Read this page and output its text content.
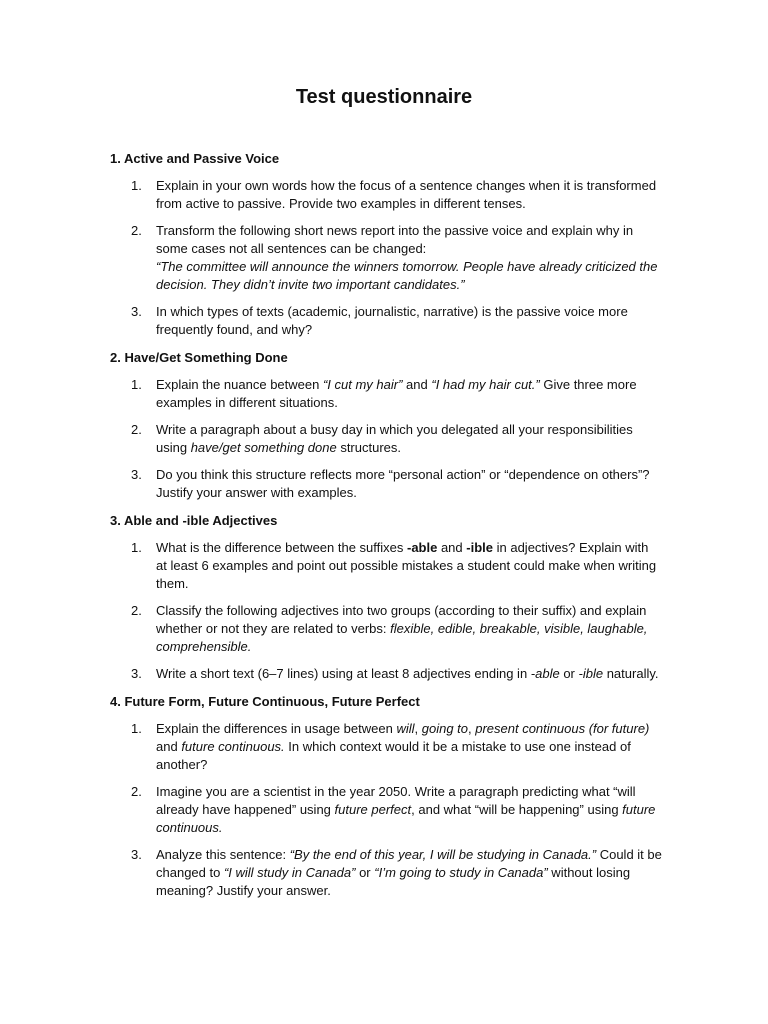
Test questionnaire

1. Active and Passive Voice

1. Explain in your own words how the focus of a sentence changes when it is transformed from active to passive. Provide two examples in different tenses.
2. Transform the following short news report into the passive voice and explain why in some cases not all sentences can be changed:
“The committee will announce the winners tomorrow. People have already criticized the decision. They didn’t invite two important candidates.”
3. In which types of texts (academic, journalistic, narrative) is the passive voice more frequently found, and why?

2. Have/Get Something Done

1. Explain the nuance between “I cut my hair” and “I had my hair cut.” Give three more examples in different situations.
2. Write a paragraph about a busy day in which you delegated all your responsibilities using have/get something done structures.
3. Do you think this structure reflects more “personal action” or “dependence on others”? Justify your answer with examples.

3. Able and -ible Adjectives

1. What is the difference between the suffixes -able and -ible in adjectives? Explain with at least 6 examples and point out possible mistakes a student could make when writing them.
2. Classify the following adjectives into two groups (according to their suffix) and explain whether or not they are related to verbs: flexible, edible, breakable, visible, laughable, comprehensible.
3. Write a short text (6–7 lines) using at least 8 adjectives ending in -able or -ible naturally.

4. Future Form, Future Continuous, Future Perfect

1. Explain the differences in usage between will, going to, present continuous (for future) and future continuous. In which context would it be a mistake to use one instead of another?
2. Imagine you are a scientist in the year 2050. Write a paragraph predicting what “will already have happened” using future perfect, and what “will be happening” using future continuous.
3. Analyze this sentence: “By the end of this year, I will be studying in Canada.” Could it be changed to “I will study in Canada” or “I’m going to study in Canada” without losing meaning? Justify your answer.
